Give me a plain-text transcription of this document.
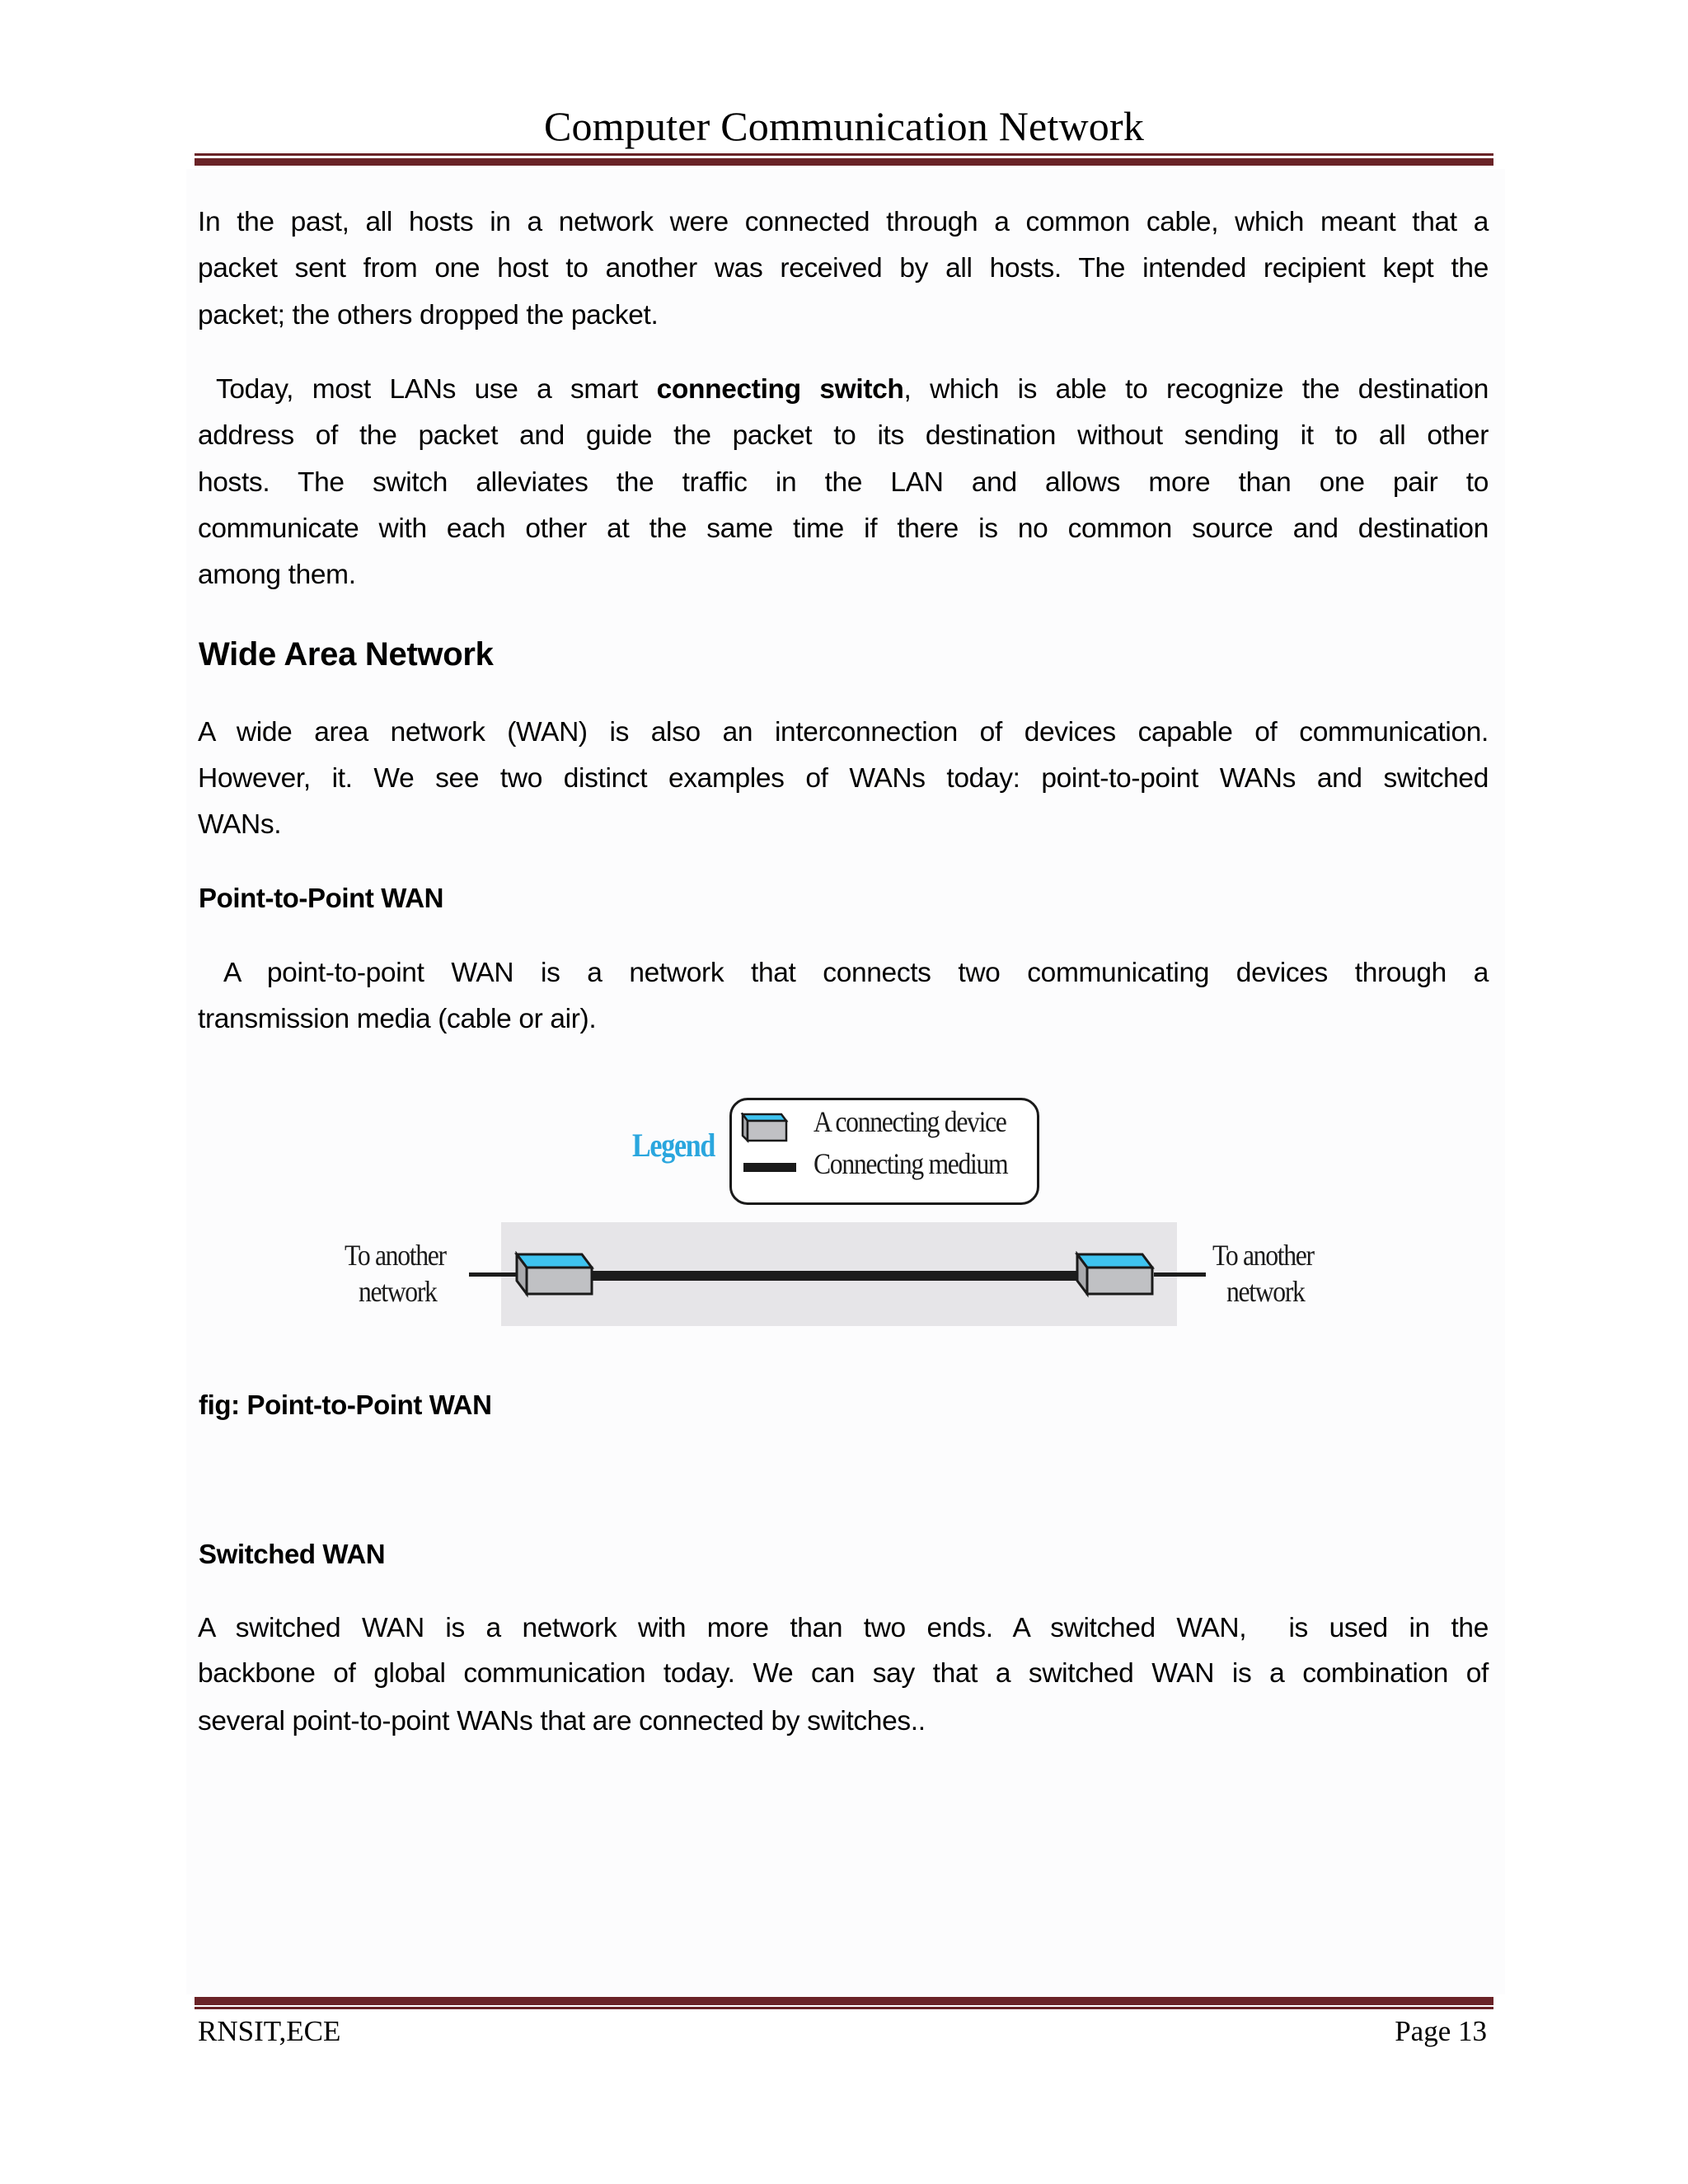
Computer Communication Network
In the past, all hosts in a network were connected through a common cable, which meant that a
packet sent from one host to another was received by all hosts. The intended recipient kept the
packet; the others dropped the packet.
Today, most LANs use a smart connecting switch, which is able to recognize the destination
address of the packet and guide the packet to its destination without sending it to all other
hosts. The switch alleviates the traffic in the LAN and allows more than one pair to
communicate with each other at the same time if there is no common source and destination
among them.
Wide Area Network
A wide area network (WAN) is also an interconnection of devices capable of communication.
However, it. We see two distinct examples of WANs today: point-to-point WANs and switched
WANs.
Point-to-Point WAN
A point-to-point WAN is a network that connects two communicating devices through a
transmission media (cable or air).
Legend
A connecting device
Connecting medium
To another
network
To another
network
fig: Point-to-Point WAN
Switched WAN
A switched WAN is a network with more than two ends. A switched WAN,  is used in the
backbone of global communication today. We can say that a switched WAN is a combination of
several point-to-point WANs that are connected by switches..
RNSIT,ECE	Page 13
